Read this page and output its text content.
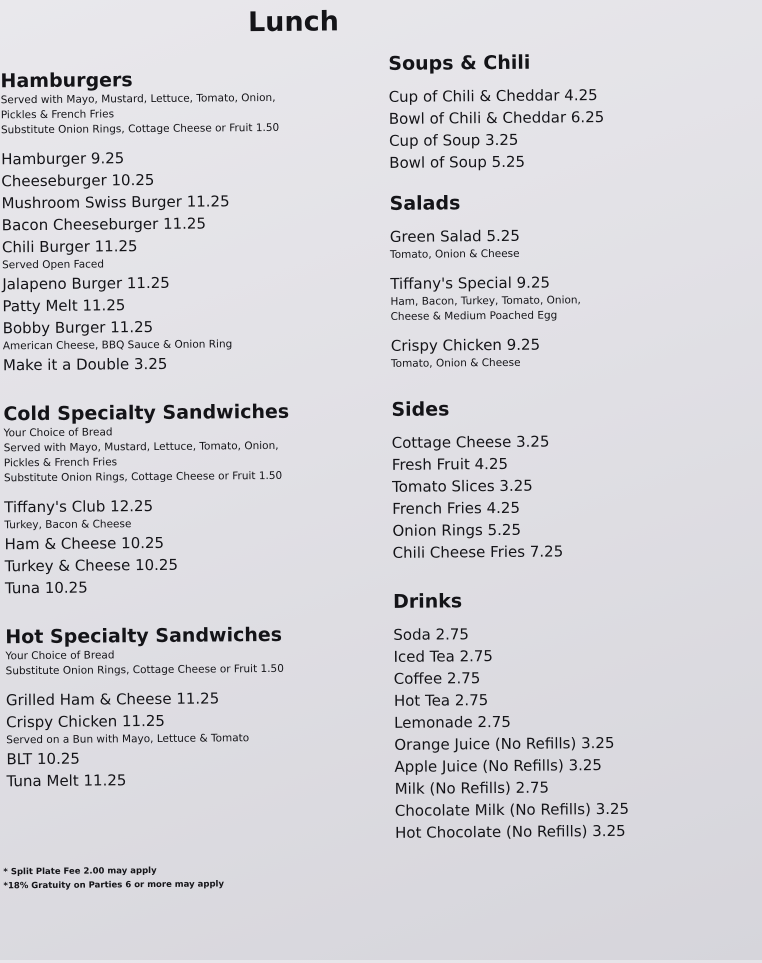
Lunch
Hamburgers
Served with Mayo, Mustard, Lettuce, Tomato, Onion,
Pickles & French Fries
Substitute Onion Rings, Cottage Cheese or Fruit 1.50
Hamburger 9.25
Cheeseburger 10.25
Mushroom Swiss Burger 11.25
Bacon Cheeseburger 11.25
Chili Burger 11.25
Served Open Faced
Jalapeno Burger 11.25
Patty Melt 11.25
Bobby Burger 11.25
American Cheese, BBQ Sauce & Onion Ring
Make it a Double 3.25
Cold Specialty Sandwiches
Your Choice of Bread
Served with Mayo, Mustard, Lettuce, Tomato, Onion,
Pickles & French Fries
Substitute Onion Rings, Cottage Cheese or Fruit 1.50
Tiffany's Club 12.25
Turkey, Bacon & Cheese
Ham & Cheese 10.25
Turkey & Cheese 10.25
Tuna 10.25
Hot Specialty Sandwiches
Your Choice of Bread
Substitute Onion Rings, Cottage Cheese or Fruit 1.50
Grilled Ham & Cheese 11.25
Crispy Chicken 11.25
Served on a Bun with Mayo, Lettuce & Tomato
BLT 10.25
Tuna Melt 11.25
* Split Plate Fee 2.00 may apply
*18% Gratuity on Parties 6 or more may apply
Soups & Chili
Cup of Chili & Cheddar 4.25
Bowl of Chili & Cheddar 6.25
Cup of Soup 3.25
Bowl of Soup 5.25
Salads
Green Salad 5.25
Tomato, Onion & Cheese
Tiffany's Special 9.25
Ham, Bacon, Turkey, Tomato, Onion,
Cheese & Medium Poached Egg
Crispy Chicken 9.25
Tomato, Onion & Cheese
Sides
Cottage Cheese 3.25
Fresh Fruit 4.25
Tomato Slices 3.25
French Fries 4.25
Onion Rings 5.25
Chili Cheese Fries 7.25
Drinks
Soda 2.75
Iced Tea 2.75
Coffee 2.75
Hot Tea 2.75
Lemonade 2.75
Orange Juice (No Refills) 3.25
Apple Juice (No Refills) 3.25
Milk (No Refills) 2.75
Chocolate Milk (No Refills) 3.25
Hot Chocolate (No Refills) 3.25
